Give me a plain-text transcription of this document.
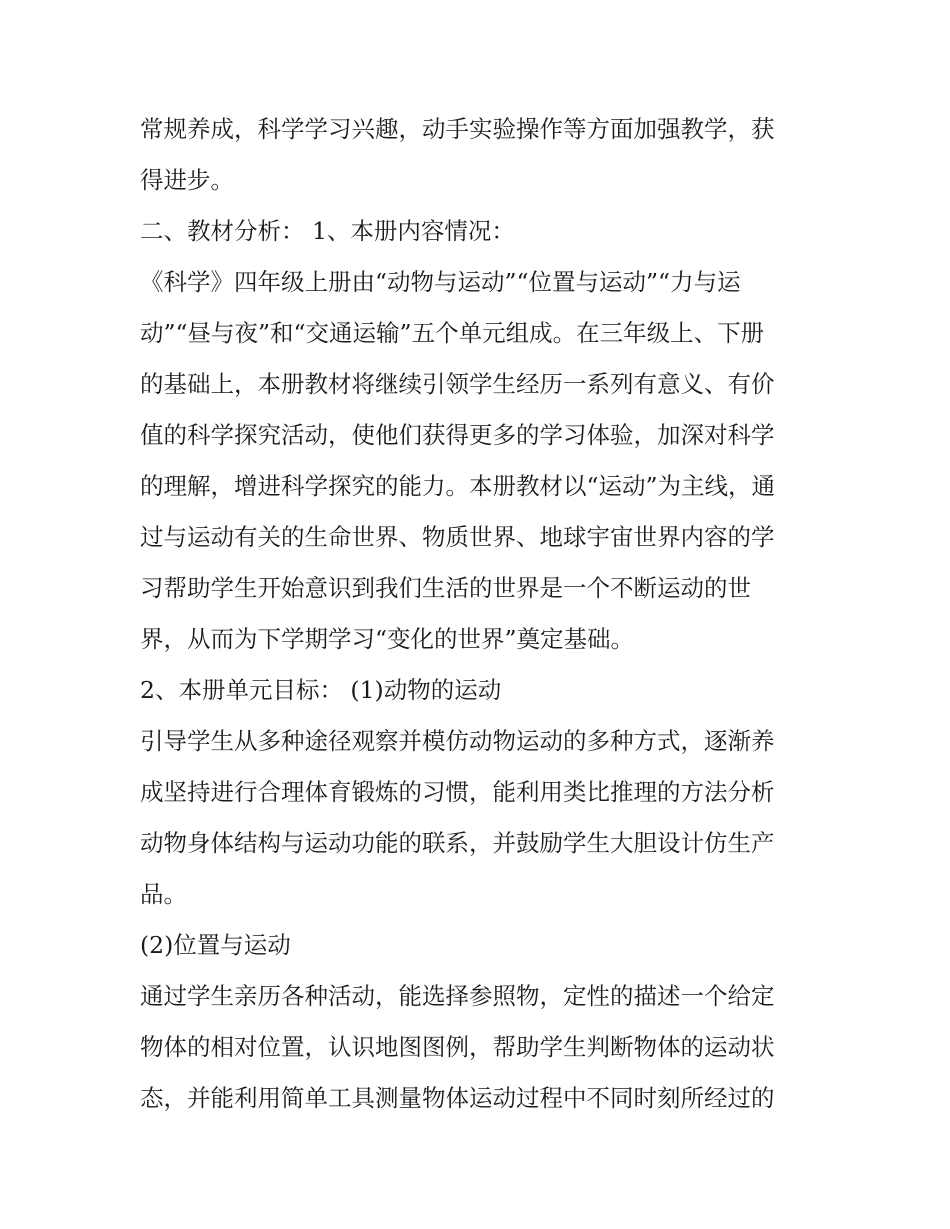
常规养成，科学学习兴趣，动手实验操作等方面加强教学，获
得进步。
二、教材分析： 1、本册内容情况：
《科学》四年级上册由“动物与运动”“位置与运动”“力与运
动”“昼与夜”和“交通运输”五个单元组成。在三年级上、下册
的基础上，本册教材将继续引领学生经历一系列有意义、有价
值的科学探究活动，使他们获得更多的学习体验，加深对科学
的理解，增进科学探究的能力。本册教材以“运动”为主线，通
过与运动有关的生命世界、物质世界、地球宇宙世界内容的学
习帮助学生开始意识到我们生活的世界是一个不断运动的世
界，从而为下学期学习“变化的世界”奠定基础。
2、本册单元目标： (1)动物的运动
引导学生从多种途径观察并模仿动物运动的多种方式，逐渐养
成坚持进行合理体育锻炼的习惯，能利用类比推理的方法分析
动物身体结构与运动功能的联系，并鼓励学生大胆设计仿生产
品。
(2)位置与运动
通过学生亲历各种活动，能选择参照物，定性的描述一个给定
物体的相对位置，认识地图图例，帮助学生判断物体的运动状
态，并能利用简单工具测量物体运动过程中不同时刻所经过的
